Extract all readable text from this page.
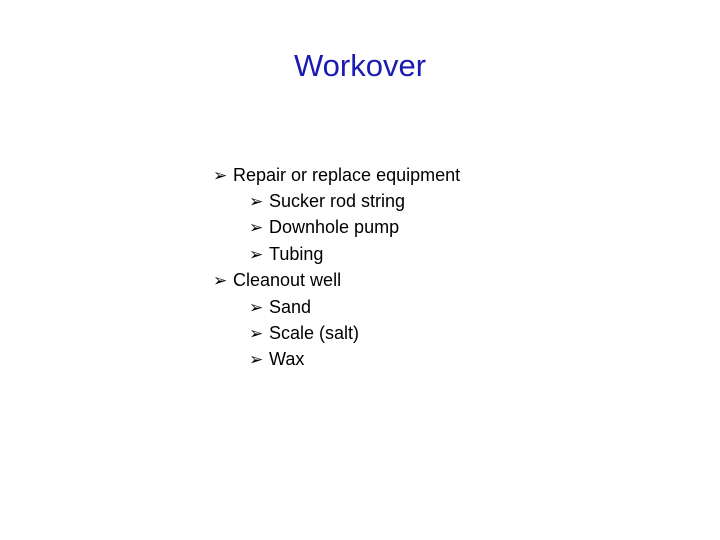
Workover
➢ Repair or replace equipment
➢ Sucker rod string
➢ Downhole pump
➢ Tubing
➢ Cleanout well
➢ Sand
➢ Scale (salt)
➢ Wax
